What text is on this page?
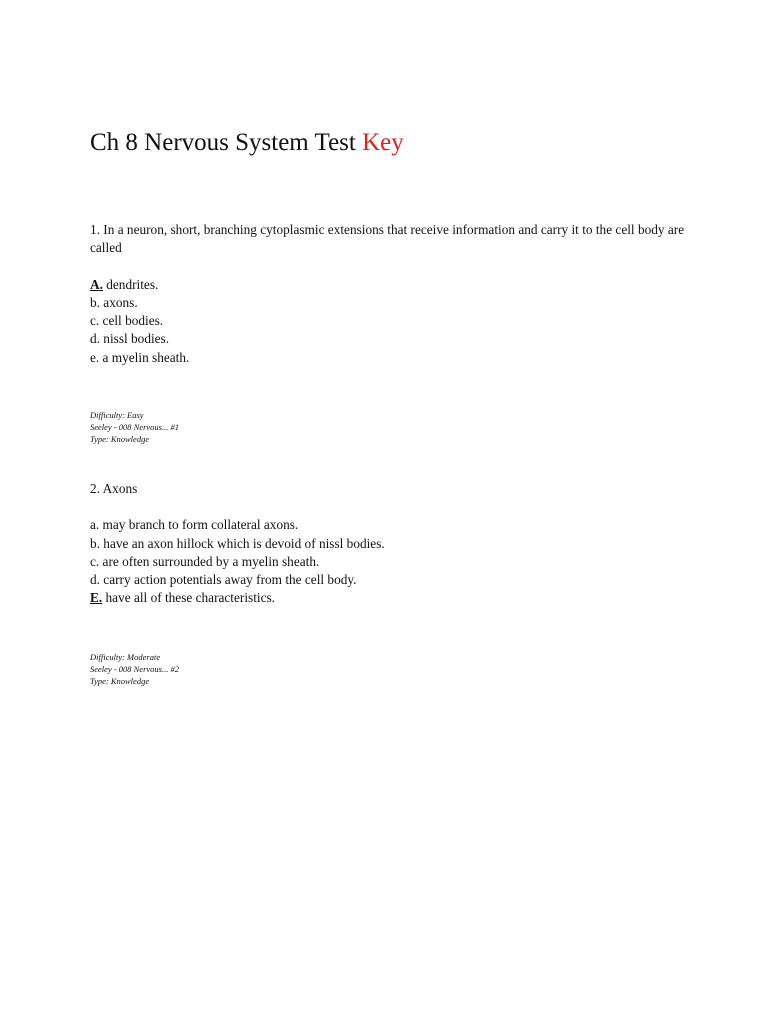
Ch 8 Nervous System Test Key

1. In a neuron, short, branching cytoplasmic extensions that receive information and carry it to the cell body are called

A. dendrites.
b. axons.
c. cell bodies.
d. nissl bodies.
e. a myelin sheath.
Difficulty: Easy
Seeley - 008 Nervous... #1
Type: Knowledge

2. Axons

a. may branch to form collateral axons.
b. have an axon hillock which is devoid of nissl bodies.
c. are often surrounded by a myelin sheath.
d. carry action potentials away from the cell body.
E. have all of these characteristics.
Difficulty: Moderate
Seeley - 008 Nervous... #2
Type: Knowledge
